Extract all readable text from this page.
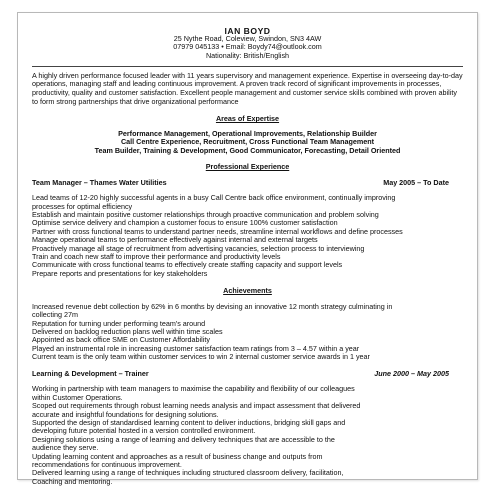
IAN BOYD
25 Nythe Road, Coleview, Swindon, SN3 4AW
07979 045133 • Email: Boydy74@outlook.com
Nationality: British/English

A highly driven performance focused leader with 11 years supervisory and management experience. Expertise in overseeing day-to-day operations, managing staff and leading continuous improvement. A proven track record of significant improvements in processes, productivity, quality and customer satisfaction. Excellent people management and customer service skills combined with proven ability to form strong partnerships that drive organizational performance

Areas of Expertise
Performance Management, Operational Improvements, Relationship Builder
Call Centre Experience, Recruitment, Cross Functional Team Management
Team Builder, Training & Development, Good Communicator, Forecasting, Detail Oriented
Professional Experience
Team Manager – Thames Water Utilities	May 2005 – To Date
Lead teams of 12-20 highly successful agents in a busy Call Centre back office environment, continually improving
processes for optimal efficiency
Establish and maintain positive customer relationships through proactive communication and problem solving
Optimise service delivery and champion a customer focus to ensure 100% customer satisfaction
Partner with cross functional teams to understand partner needs, streamline internal workflows and define processes
Manage operational teams to performance effectively against internal and external targets
Proactively manage all stage of recruitment from advertising vacancies, selection process to interviewing
Train and coach new staff to improve their performance and productivity levels
Communicate with cross functional teams to effectively create staffing capacity and support levels
Prepare reports and presentations for key stakeholders
Achievements
Increased revenue debt collection by 62% in 6 months by devising an innovative 12 month strategy culminating in
collecting 27m
Reputation for turning under performing team's around
Delivered on backlog reduction plans well within time scales
Appointed as back office SME on Customer Affordability
Played an instrumental role in increasing customer satisfaction team ratings from 3 – 4.57 within a year
Current team is the only team within customer services to win 2 internal customer service awards in 1 year
Learning & Development – Trainer	June 2000 – May 2005
Working in partnership with team managers to maximise the capability and flexibility of our colleagues
within Customer Operations.
Scoped out requirements through robust learning needs analysis and impact assessment that delivered
accurate and insightful foundations for designing solutions.
Supported the design of standardised learning content to deliver inductions, bridging skill gaps and
developing future potential hosted in a version controlled environment.
Designing solutions using a range of learning and delivery techniques that are accessible to the
audience they serve.
Updating learning content and approaches as a result of business change and outputs from
recommendations for continuous improvement.
Delivered learning using a range of techniques including structured classroom delivery, facilitation,
Coaching and mentoring.
